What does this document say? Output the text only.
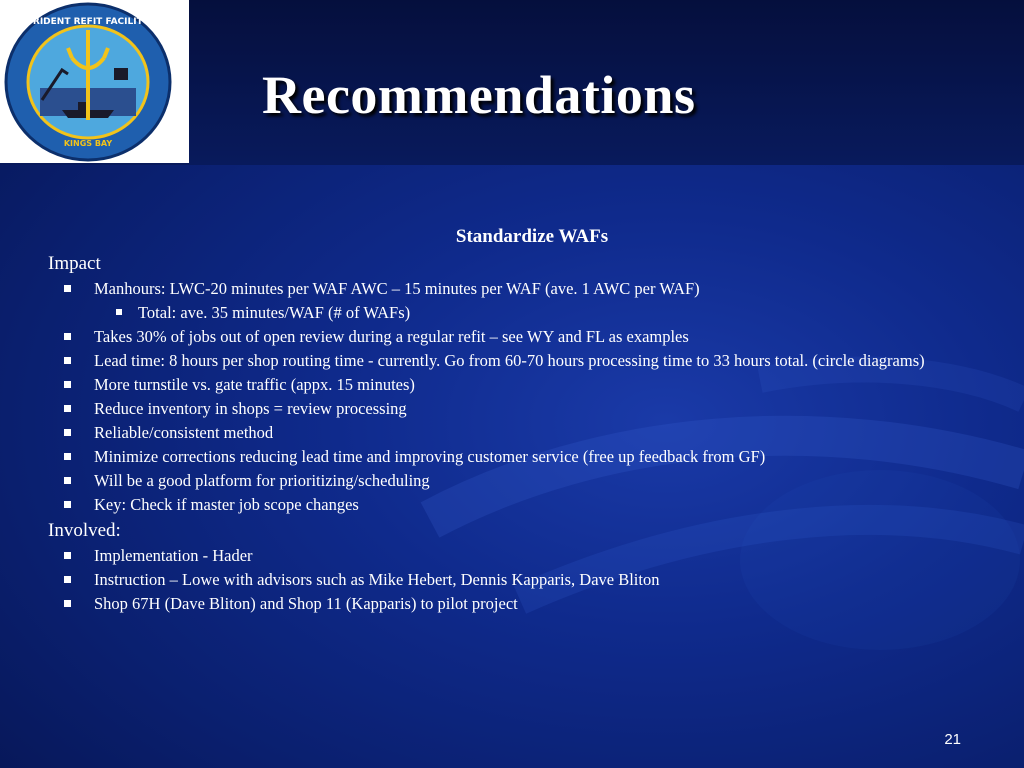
TRIDENT REFIT FACILITY
KINGS BAY
Recommendations
Standardize WAFs
Impact
Manhours: LWC-20 minutes per WAF AWC – 15 minutes per WAF (ave. 1 AWC per WAF)
Total: ave. 35 minutes/WAF (# of WAFs)
Takes 30% of jobs out of open review during a regular refit – see WY and FL as examples
Lead time: 8 hours per shop routing time - currently. Go from 60-70 hours processing time to 33 hours total. (circle diagrams)
More turnstile vs. gate traffic (appx. 15 minutes)
Reduce inventory in shops = review processing
Reliable/consistent method
Minimize corrections reducing lead time and improving customer service (free up feedback from GF)
Will be a good platform for prioritizing/scheduling
Key: Check if master job scope changes
Involved:
Implementation - Hader
Instruction – Lowe with advisors such as Mike Hebert, Dennis Kapparis, Dave Bliton
Shop 67H (Dave Bliton) and Shop 11 (Kapparis) to pilot project
21
